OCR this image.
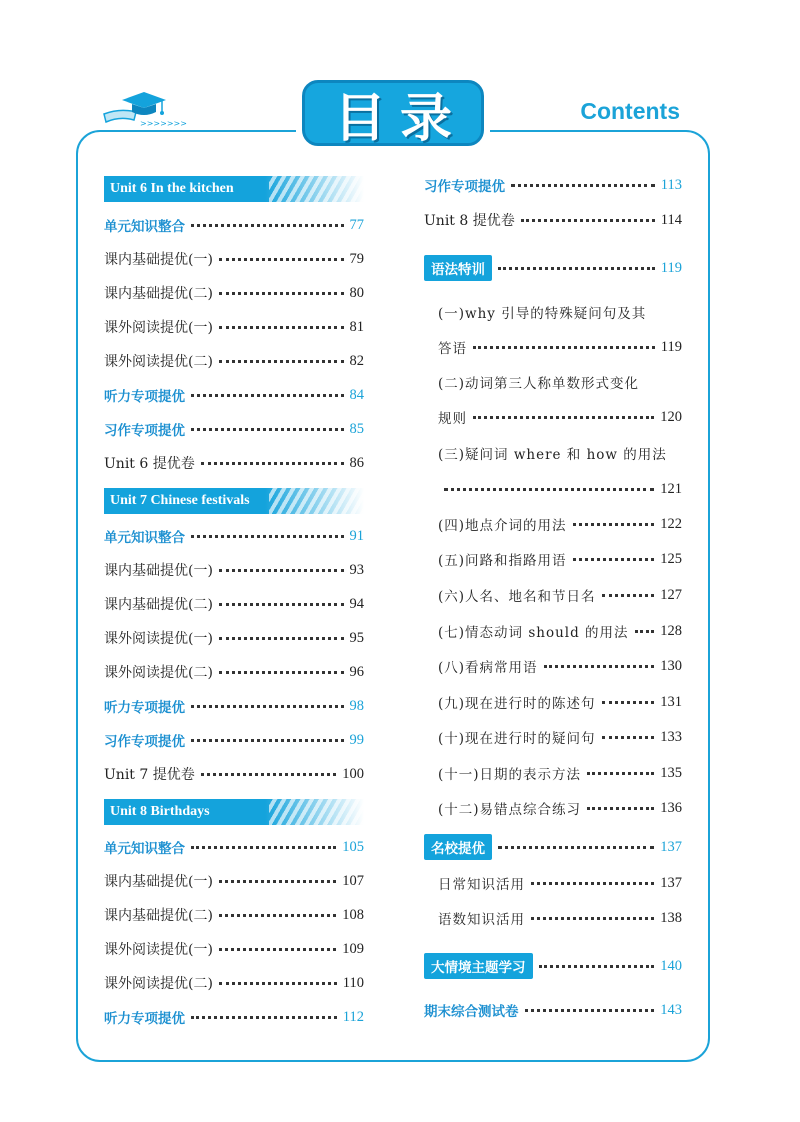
目录	Contents
>>>>>>>
Unit 6 In the kitchen
单元知识整合	77
课内基础提优(一)	79
课内基础提优(二)	80
课外阅读提优(一)	81
课外阅读提优(二)	82
听力专项提优	84
习作专项提优	85
Unit 6 提优卷	86
Unit 7 Chinese festivals
单元知识整合	91
课内基础提优(一)	93
课内基础提优(二)	94
课外阅读提优(一)	95
课外阅读提优(二)	96
听力专项提优	98
习作专项提优	99
Unit 7 提优卷	100
Unit 8 Birthdays
单元知识整合	105
课内基础提优(一)	107
课内基础提优(二)	108
课外阅读提优(一)	109
课外阅读提优(二)	110
听力专项提优	112
习作专项提优	113
Unit 8 提优卷	114
语法特训	119
(一)why 引导的特殊疑问句及其
答语	119
(二)动词第三人称单数形式变化
规则	120
(三)疑问词 where 和 how 的用法
121
(四)地点介词的用法	122
(五)问路和指路用语	125
(六)人名、地名和节日名	127
(七)情态动词 should 的用法 128
(八)看病常用语	130
(九)现在进行时的陈述句	131
(十)现在进行时的疑问句	133
(十一)日期的表示方法	135
(十二)易错点综合练习	136
名校提优	137
日常知识活用	137
语数知识活用	138
大情境主题学习	140
期末综合测试卷	143
